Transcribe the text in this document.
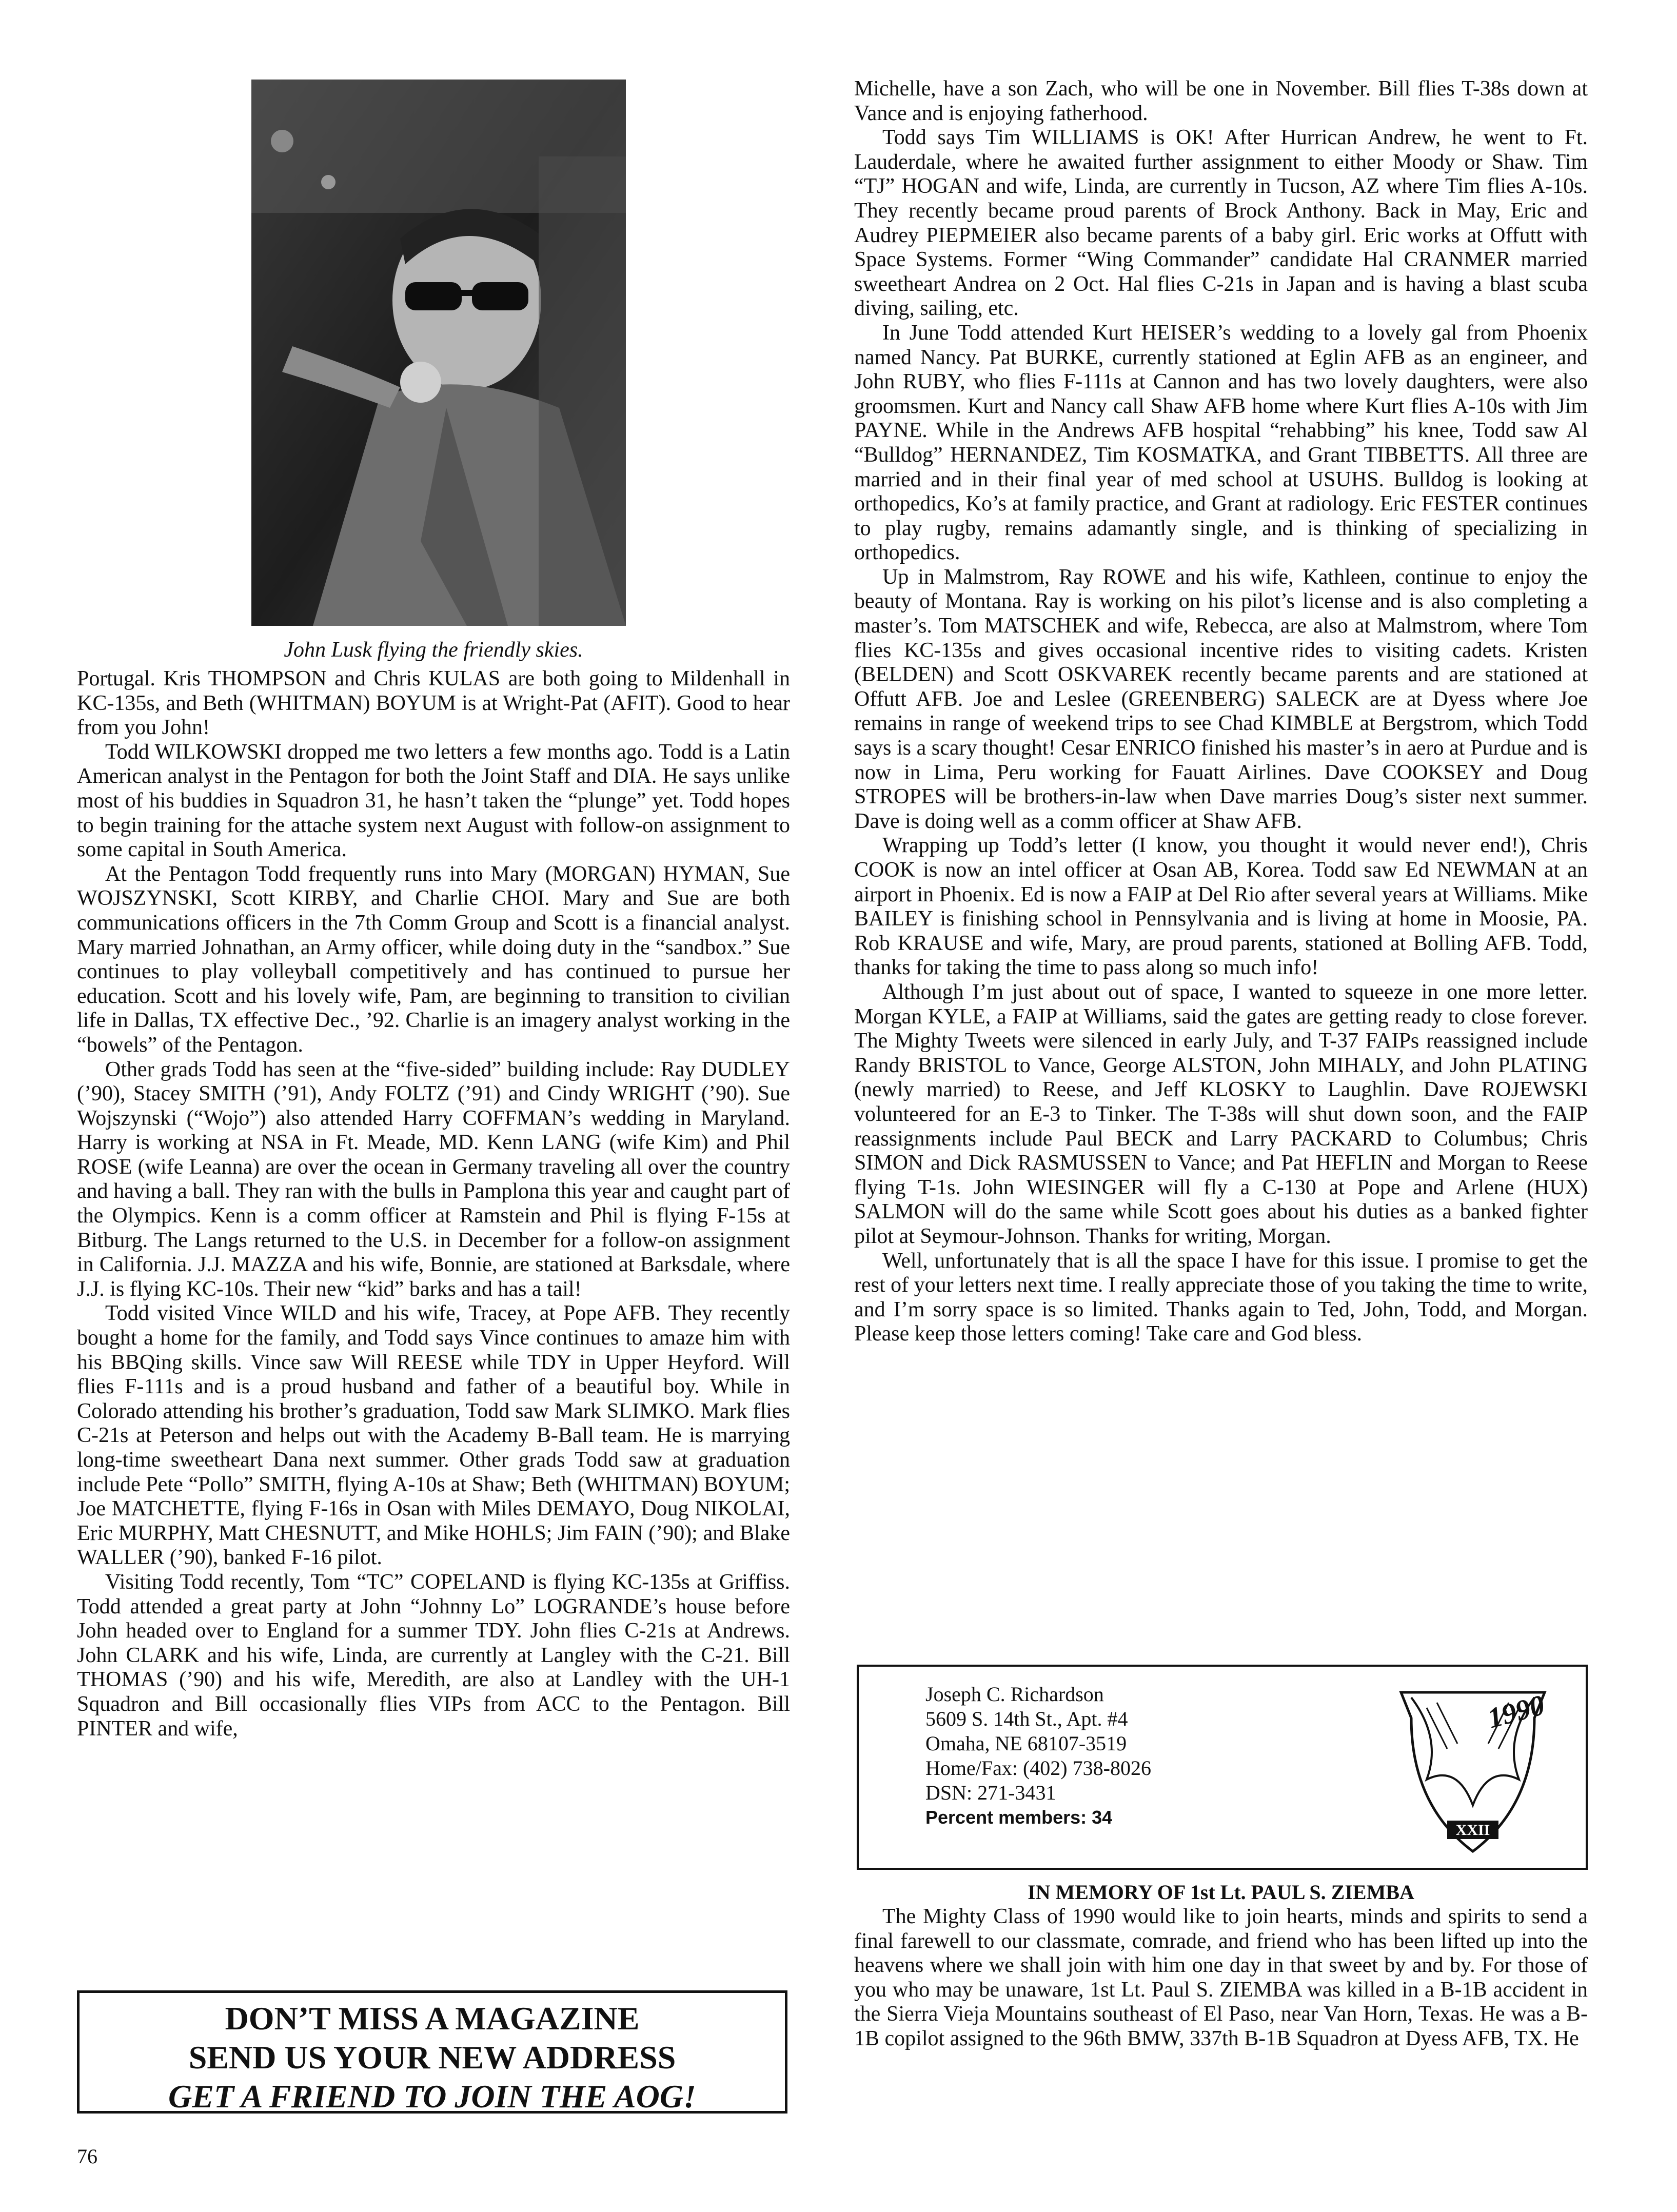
John Lusk flying the friendly skies.

Portugal. Kris THOMPSON and Chris KULAS are both going to Mildenhall in KC-135s, and Beth (WHITMAN) BOYUM is at Wright-Pat (AFIT). Good to hear from you John!

Todd WILKOWSKI dropped me two letters a few months ago. Todd is a Latin American analyst in the Pentagon for both the Joint Staff and DIA. He says unlike most of his buddies in Squadron 31, he hasn’t taken the “plunge” yet. Todd hopes to begin training for the attache system next August with follow-on assignment to some capital in South America.

At the Pentagon Todd frequently runs into Mary (MORGAN) HYMAN, Sue WOJSZYNSKI, Scott KIRBY, and Charlie CHOI. Mary and Sue are both communications officers in the 7th Comm Group and Scott is a financial analyst. Mary married Johnathan, an Army officer, while doing duty in the “sandbox.” Sue continues to play volleyball competitively and has continued to pursue her education. Scott and his lovely wife, Pam, are beginning to transition to civilian life in Dallas, TX effective Dec., ’92. Charlie is an imagery analyst working in the “bowels” of the Pentagon.

Other grads Todd has seen at the “five-sided” building include: Ray DUDLEY (’90), Stacey SMITH (’91), Andy FOLTZ (’91) and Cindy WRIGHT (’90). Sue Wojszynski (“Wojo”) also attended Harry COFFMAN’s wedding in Maryland. Harry is working at NSA in Ft. Meade, MD. Kenn LANG (wife Kim) and Phil ROSE (wife Leanna) are over the ocean in Germany traveling all over the country and having a ball. They ran with the bulls in Pamplona this year and caught part of the Olympics. Kenn is a comm officer at Ramstein and Phil is flying F-15s at Bitburg. The Langs returned to the U.S. in December for a follow-on assignment in California. J.J. MAZZA and his wife, Bonnie, are stationed at Barksdale, where J.J. is flying KC-10s. Their new “kid” barks and has a tail!

Todd visited Vince WILD and his wife, Tracey, at Pope AFB. They recently bought a home for the family, and Todd says Vince continues to amaze him with his BBQing skills. Vince saw Will REESE while TDY in Upper Heyford. Will flies F-111s and is a proud husband and father of a beautiful boy. While in Colorado attending his brother’s graduation, Todd saw Mark SLIMKO. Mark flies C-21s at Peterson and helps out with the Academy B-Ball team. He is marrying long-time sweetheart Dana next summer. Other grads Todd saw at graduation include Pete “Pollo” SMITH, flying A-10s at Shaw; Beth (WHITMAN) BOYUM; Joe MATCHETTE, flying F-16s in Osan with Miles DEMAYO, Doug NIKOLAI, Eric MURPHY, Matt CHESNUTT, and Mike HOHLS; Jim FAIN (’90); and Blake WALLER (’90), banked F-16 pilot.

Visiting Todd recently, Tom “TC” COPELAND is flying KC-135s at Griffiss. Todd attended a great party at John “Johnny Lo” LOGRANDE’s house before John headed over to England for a summer TDY. John flies C-21s at Andrews. John CLARK and his wife, Linda, are currently at Langley with the C-21. Bill THOMAS (’90) and his wife, Meredith, are also at Landley with the UH-1 Squadron and Bill occasionally flies VIPs from ACC to the Pentagon. Bill PINTER and wife,

Michelle, have a son Zach, who will be one in November. Bill flies T-38s down at Vance and is enjoying fatherhood.

Todd says Tim WILLIAMS is OK! After Hurrican Andrew, he went to Ft. Lauderdale, where he awaited further assignment to either Moody or Shaw. Tim “TJ” HOGAN and wife, Linda, are currently in Tucson, AZ where Tim flies A-10s. They recently became proud parents of Brock Anthony. Back in May, Eric and Audrey PIEPMEIER also became parents of a baby girl. Eric works at Offutt with Space Systems. Former “Wing Commander” candidate Hal CRANMER married sweetheart Andrea on 2 Oct. Hal flies C-21s in Japan and is having a blast scuba diving, sailing, etc.

In June Todd attended Kurt HEISER’s wedding to a lovely gal from Phoenix named Nancy. Pat BURKE, currently stationed at Eglin AFB as an engineer, and John RUBY, who flies F-111s at Cannon and has two lovely daughters, were also groomsmen. Kurt and Nancy call Shaw AFB home where Kurt flies A-10s with Jim PAYNE. While in the Andrews AFB hospital “rehabbing” his knee, Todd saw Al “Bulldog” HERNANDEZ, Tim KOSMATKA, and Grant TIBBETTS. All three are married and in their final year of med school at USUHS. Bulldog is looking at orthopedics, Ko’s at family practice, and Grant at radiology. Eric FESTER continues to play rugby, remains adamantly single, and is thinking of specializing in orthopedics.

Up in Malmstrom, Ray ROWE and his wife, Kathleen, continue to enjoy the beauty of Montana. Ray is working on his pilot’s license and is also completing a master’s. Tom MATSCHEK and wife, Rebecca, are also at Malmstrom, where Tom flies KC-135s and gives occasional incentive rides to visiting cadets. Kristen (BELDEN) and Scott OSKVAREK recently became parents and are stationed at Offutt AFB. Joe and Leslee (GREENBERG) SALECK are at Dyess where Joe remains in range of weekend trips to see Chad KIMBLE at Bergstrom, which Todd says is a scary thought! Cesar ENRICO finished his master’s in aero at Purdue and is now in Lima, Peru working for Fauatt Airlines. Dave COOKSEY and Doug STROPES will be brothers-in-law when Dave marries Doug’s sister next summer. Dave is doing well as a comm officer at Shaw AFB.

Wrapping up Todd’s letter (I know, you thought it would never end!), Chris COOK is now an intel officer at Osan AB, Korea. Todd saw Ed NEWMAN at an airport in Phoenix. Ed is now a FAIP at Del Rio after several years at Williams. Mike BAILEY is finishing school in Pennsylvania and is living at home in Moosie, PA. Rob KRAUSE and wife, Mary, are proud parents, stationed at Bolling AFB. Todd, thanks for taking the time to pass along so much info!

Although I’m just about out of space, I wanted to squeeze in one more letter. Morgan KYLE, a FAIP at Williams, said the gates are getting ready to close forever. The Mighty Tweets were silenced in early July, and T-37 FAIPs reassigned include Randy BRISTOL to Vance, George ALSTON, John MIHALY, and John PLATING (newly married) to Reese, and Jeff KLOSKY to Laughlin. Dave ROJEWSKI volunteered for an E-3 to Tinker. The T-38s will shut down soon, and the FAIP reassignments include Paul BECK and Larry PACKARD to Columbus; Chris SIMON and Dick RASMUSSEN to Vance; and Pat HEFLIN and Morgan to Reese flying T-1s. John WIESINGER will fly a C-130 at Pope and Arlene (HUX) SALMON will do the same while Scott goes about his duties as a banked fighter pilot at Seymour-Johnson. Thanks for writing, Morgan.

Well, unfortunately that is all the space I have for this issue. I promise to get the rest of your letters next time. I really appreciate those of you taking the time to write, and I’m sorry space is so limited. Thanks again to Ted, John, Todd, and Morgan. Please keep those letters coming! Take care and God bless.

Joseph C. Richardson
5609 S. 14th St., Apt. #4
Omaha, NE 68107-3519
Home/Fax: (402) 738-8026
DSN: 271-3431
Percent members: 34
1990
XXII
IN MEMORY OF 1st Lt. PAUL S. ZIEMBA

The Mighty Class of 1990 would like to join hearts, minds and spirits to send a final farewell to our classmate, comrade, and friend who has been lifted up into the heavens where we shall join with him one day in that sweet by and by. For those of you who may be unaware, 1st Lt. Paul S. ZIEMBA was killed in a B-1B accident in the Sierra Vieja Mountains southeast of El Paso, near Van Horn, Texas. He was a B-1B copilot assigned to the 96th BMW, 337th B-1B Squadron at Dyess AFB, TX. He

DON’T MISS A MAGAZINE
SEND US YOUR NEW ADDRESS
GET A FRIEND TO JOIN THE AOG!
76
